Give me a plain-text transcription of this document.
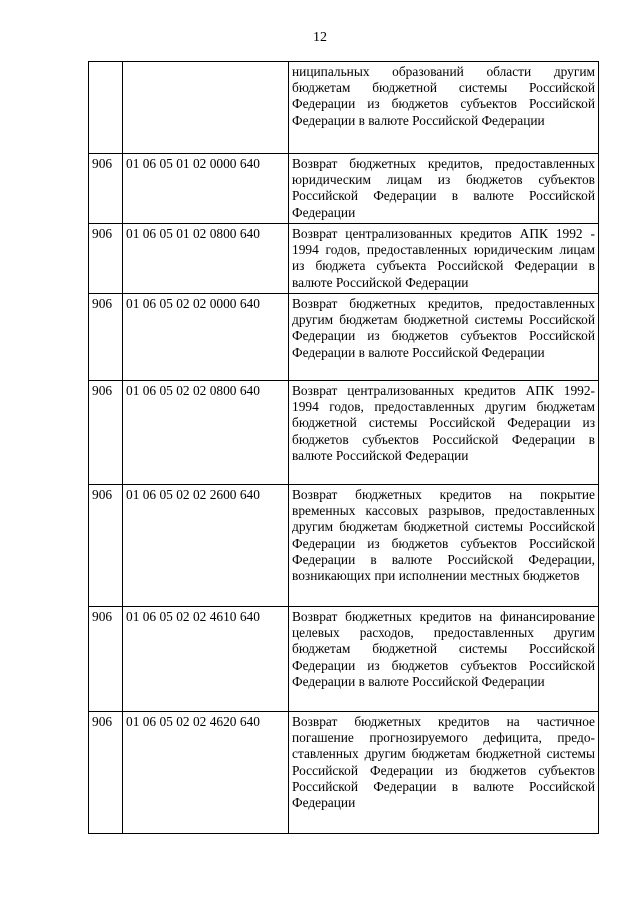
12
		ниципальных образований области другим бюджетам бюджетной системы Российской Федерации из бюджетов субъектов Российской Федерации в валюте Российской Федерации
906	01 06 05 01 02 0000 640	Возврат бюджетных кредитов, предоставленных юридическим лицам из бюджетов субъектов Российской Федерации в валюте Российской Федерации
906	01 06 05 01 02 0800 640	Возврат централизованных кредитов АПК 1992 - 1994 годов, предоставленных юридическим лицам из бюджета субъекта Российской Федерации в валюте Российской Федерации
906	01 06 05 02 02 0000 640	Возврат бюджетных кредитов, предоставленных другим бюджетам бюджетной системы Российской Федерации из бюджетов субъектов Российской Федерации в валюте Российской Федерации
906	01 06 05 02 02 0800 640	Возврат централизованных кредитов АПК 1992-1994 годов, предоставленных другим бюджетам бюджетной системы Российской Федерации из бюджетов субъектов Российской Федерации в валюте Российской Федерации
906	01 06 05 02 02 2600 640	Возврат бюджетных кредитов на покрытие временных кассовых разрывов, предоставленных другим бюджетам бюджетной системы Российской Федерации из бюджетов субъектов Российской Федерации в валюте Российской Федерации, возникающих при исполнении местных бюджетов
906	01 06 05 02 02 4610 640	Возврат бюджетных кредитов на финансирование целевых расходов, предоставленных другим бюджетам бюджетной системы Российской Федерации из бюджетов субъектов Российской Федерации в валюте Российской Федерации
906	01 06 05 02 02 4620 640	Возврат бюджетных кредитов на частичное погашение прогнозируемого дефицита, предоставленных другим бюджетам бюджетной системы Российской Федерации из бюджетов субъектов Российской Федерации в валюте Российской Федерации
